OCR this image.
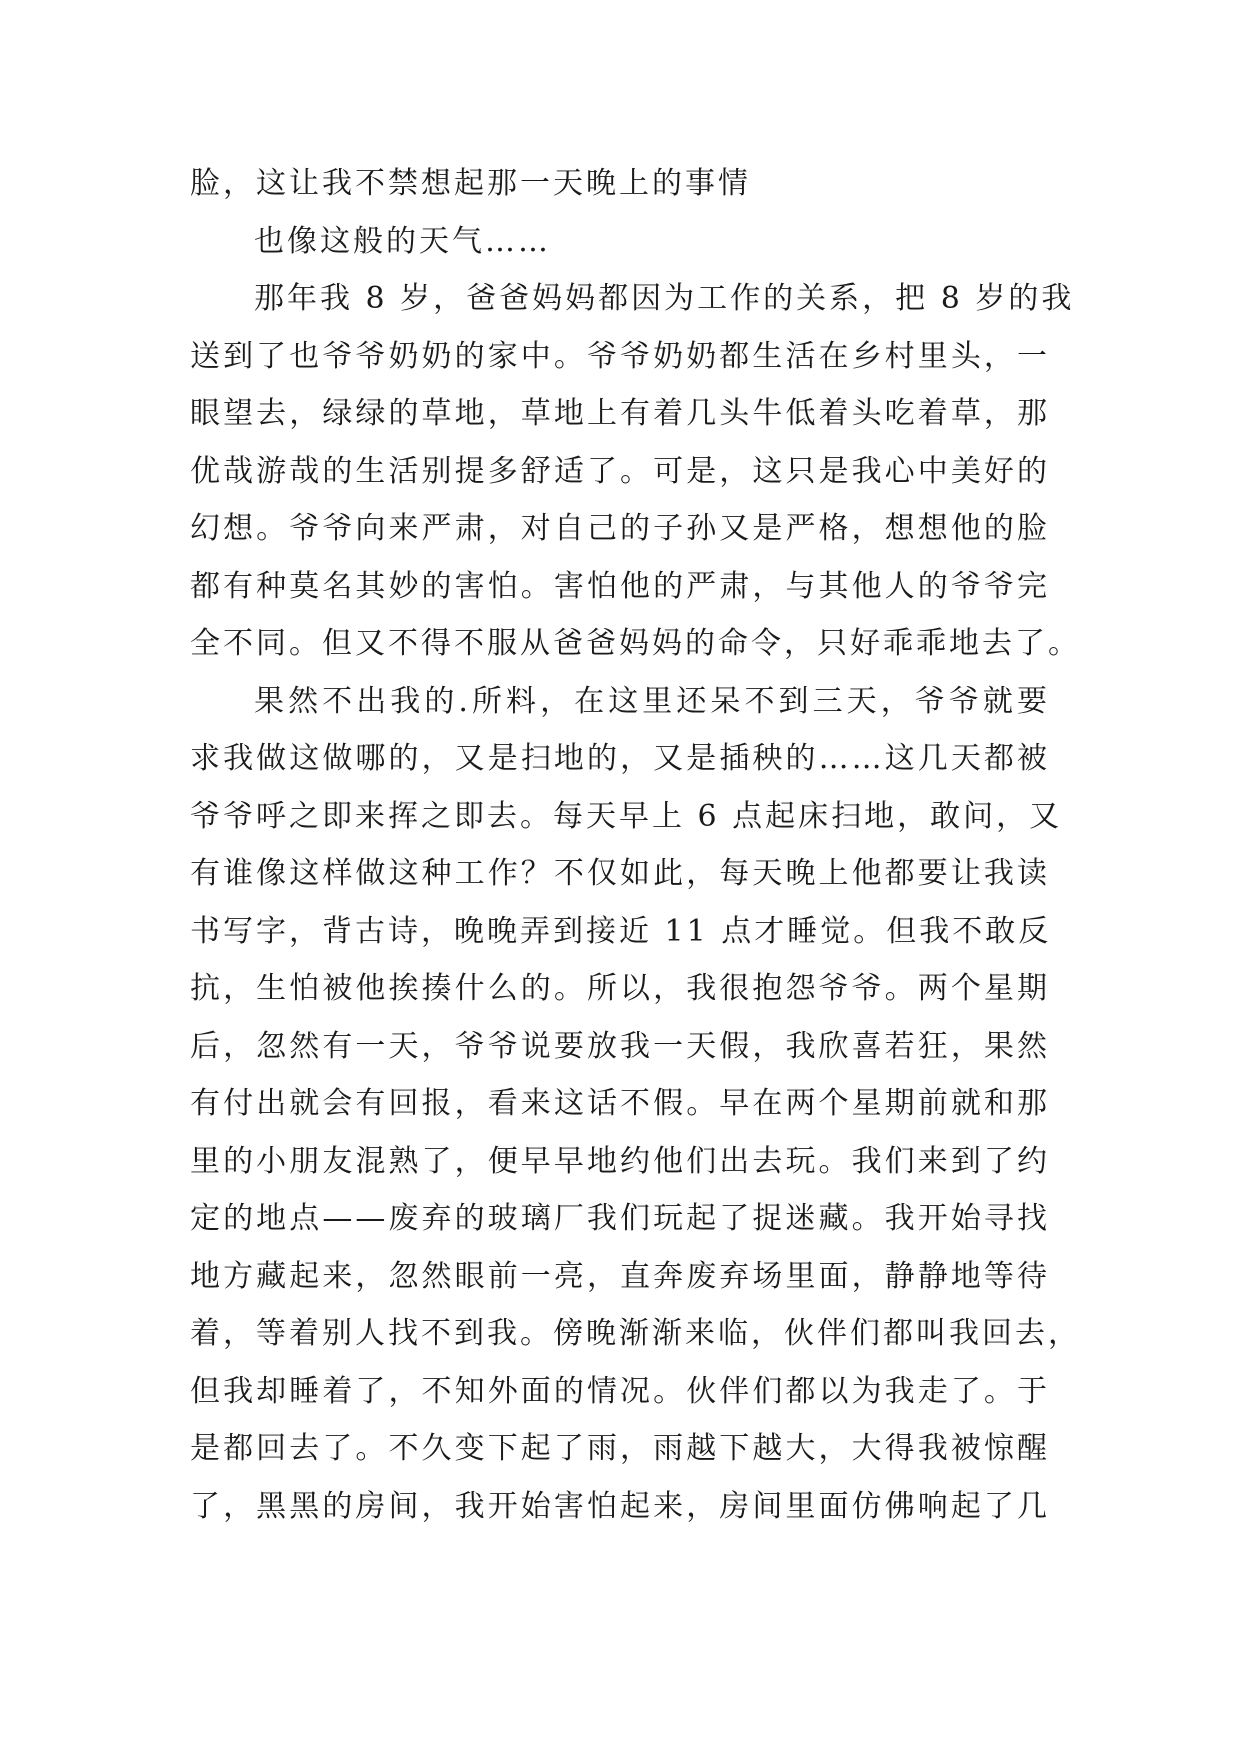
脸，这让我不禁想起那一天晚上的事情

也像这般的天气……

那年我 8 岁，爸爸妈妈都因为工作的关系，把 8 岁的我
送到了也爷爷奶奶的家中。爷爷奶奶都生活在乡村里头，一
眼望去，绿绿的草地，草地上有着几头牛低着头吃着草，那
优哉游哉的生活别提多舒适了。可是，这只是我心中美好的
幻想。爷爷向来严肃，对自己的子孙又是严格，想想他的脸
都有种莫名其妙的害怕。害怕他的严肃，与其他人的爷爷完
全不同。但又不得不服从爸爸妈妈的命令，只好乖乖地去了。

果然不出我的.所料，在这里还呆不到三天，爷爷就要
求我做这做哪的，又是扫地的，又是插秧的……这几天都被
爷爷呼之即来挥之即去。每天早上 6 点起床扫地，敢问，又
有谁像这样做这种工作？不仅如此，每天晚上他都要让我读
书写字，背古诗，晚晚弄到接近 11 点才睡觉。但我不敢反
抗，生怕被他挨揍什么的。所以，我很抱怨爷爷。两个星期
后，忽然有一天，爷爷说要放我一天假，我欣喜若狂，果然
有付出就会有回报，看来这话不假。早在两个星期前就和那
里的小朋友混熟了，便早早地约他们出去玩。我们来到了约
定的地点——废弃的玻璃厂我们玩起了捉迷藏。我开始寻找
地方藏起来，忽然眼前一亮，直奔废弃场里面，静静地等待
着，等着别人找不到我。傍晚渐渐来临，伙伴们都叫我回去，
但我却睡着了，不知外面的情况。伙伴们都以为我走了。于
是都回去了。不久变下起了雨，雨越下越大，大得我被惊醒
了，黑黑的房间，我开始害怕起来，房间里面仿佛响起了几
